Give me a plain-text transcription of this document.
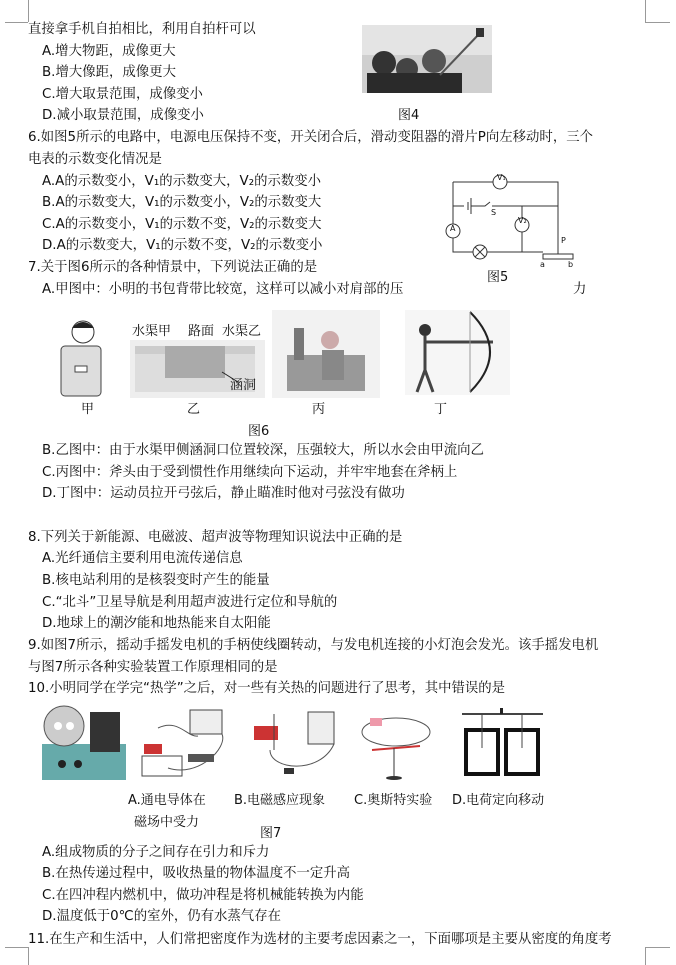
直接拿手机自拍相比，利用自拍杆可以
A.增大物距，成像更大
B.增大像距，成像更大
C.增大取景范围，成像变小
D.减小取景范围，成像变小	图4
6.如图5所示的电路中，电源电压保持不变，开关闭合后，滑动变阻器的滑片P向左移动时，三个
电表的示数变化情况是
A.A的示数变小，V₁的示数变大，V₂的示数变小
B.A的示数变大，V₁的示数变小，V₂的示数变大
C.A的示数变小，V₁的示数不变，V₂的示数变大
D.A的示数变大，V₁的示数不变，V₂的示数变小
V₁
V₂
A
S
P
a	b
图5
7.关于图6所示的各种情景中，下列说法正确的是
A.甲图中：小明的书包背带比较宽，这样可以减小对肩部的压	力
水渠甲 路面 水渠乙
涵洞
甲	乙	丙	丁
图6
B.乙图中：由于水渠甲侧涵洞口位置较深，压强较大，所以水会由甲流向乙
C.丙图中：斧头由于受到惯性作用继续向下运动，并牢牢地套在斧柄上
D.丁图中：运动员拉开弓弦后，静止瞄准时他对弓弦没有做功
8.下列关于新能源、电磁波、超声波等物理知识说法中正确的是
A.光纤通信主要利用电流传递信息
B.核电站利用的是核裂变时产生的能量
C.“北斗”卫星导航是利用超声波进行定位和导航的
D.地球上的潮汐能和地热能来自太阳能
9.如图7所示，摇动手摇发电机的手柄使线圈转动，与发电机连接的小灯泡会发光。该手摇发电机
与图7所示各种实验装置工作原理相同的是
10.小明同学在学完“热学”之后，对一些有关热的问题进行了思考，其中错误的是
A.通电导体在 B.电磁感应现象 C.奥斯特实验 D.电荷定向移动
磁场中受力
图7
A.组成物质的分子之间存在引力和斥力
B.在热传递过程中，吸收热量的物体温度不一定升高
C.在四冲程内燃机中，做功冲程是将机械能转换为内能
D.温度低于0℃的室外，仍有水蒸气存在
11.在生产和生活中，人们常把密度作为选材的主要考虑因素之一，下面哪项是主要从密度的角度考
